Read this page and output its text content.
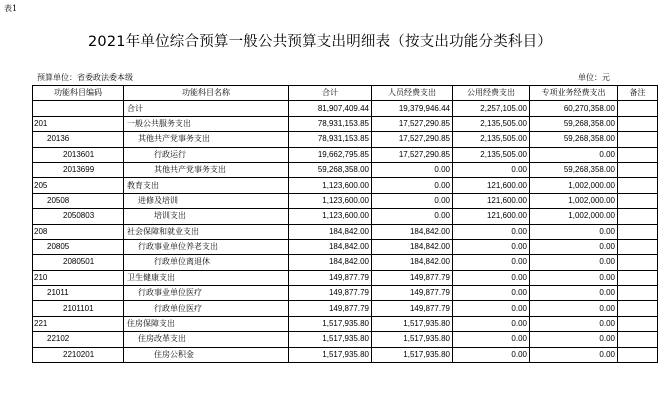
表1
2021年单位综合预算一般公共预算支出明细表（按支出功能分类科目）
预算单位：省委政法委本级	单位：元
功能科目编码	功能科目名称	合计	人员经费支出	公用经费支出	专项业务经费支出	备注
	合计	81,907,409.44	19,379,946.44	2,257,105.00	60,270,358.00	
201	一般公共服务支出	78,931,153.85	17,527,290.85	2,135,505.00	59,268,358.00	
20136	其他共产党事务支出	78,931,153.85	17,527,290.85	2,135,505.00	59,268,358.00	
2013601	行政运行	19,662,795.85	17,527,290.85	2,135,505.00	0.00	
2013699	其他共产党事务支出	59,268,358.00	0.00	0.00	59,268,358.00	
205	教育支出	1,123,600.00	0.00	121,600.00	1,002,000.00	
20508	进修及培训	1,123,600.00	0.00	121,600.00	1,002,000.00	
2050803	培训支出	1,123,600.00	0.00	121,600.00	1,002,000.00	
208	社会保障和就业支出	184,842.00	184,842.00	0.00	0.00	
20805	行政事业单位养老支出	184,842.00	184,842.00	0.00	0.00	
2080501	行政单位离退休	184,842.00	184,842.00	0.00	0.00	
210	卫生健康支出	149,877.79	149,877.79	0.00	0.00	
21011	行政事业单位医疗	149,877.79	149,877.79	0.00	0.00	
2101101	行政单位医疗	149,877.79	149,877.79	0.00	0.00	
221	住房保障支出	1,517,935.80	1,517,935.80	0.00	0.00	
22102	住房改革支出	1,517,935.80	1,517,935.80	0.00	0.00	
2210201	住房公积金	1,517,935.80	1,517,935.80	0.00	0.00	
